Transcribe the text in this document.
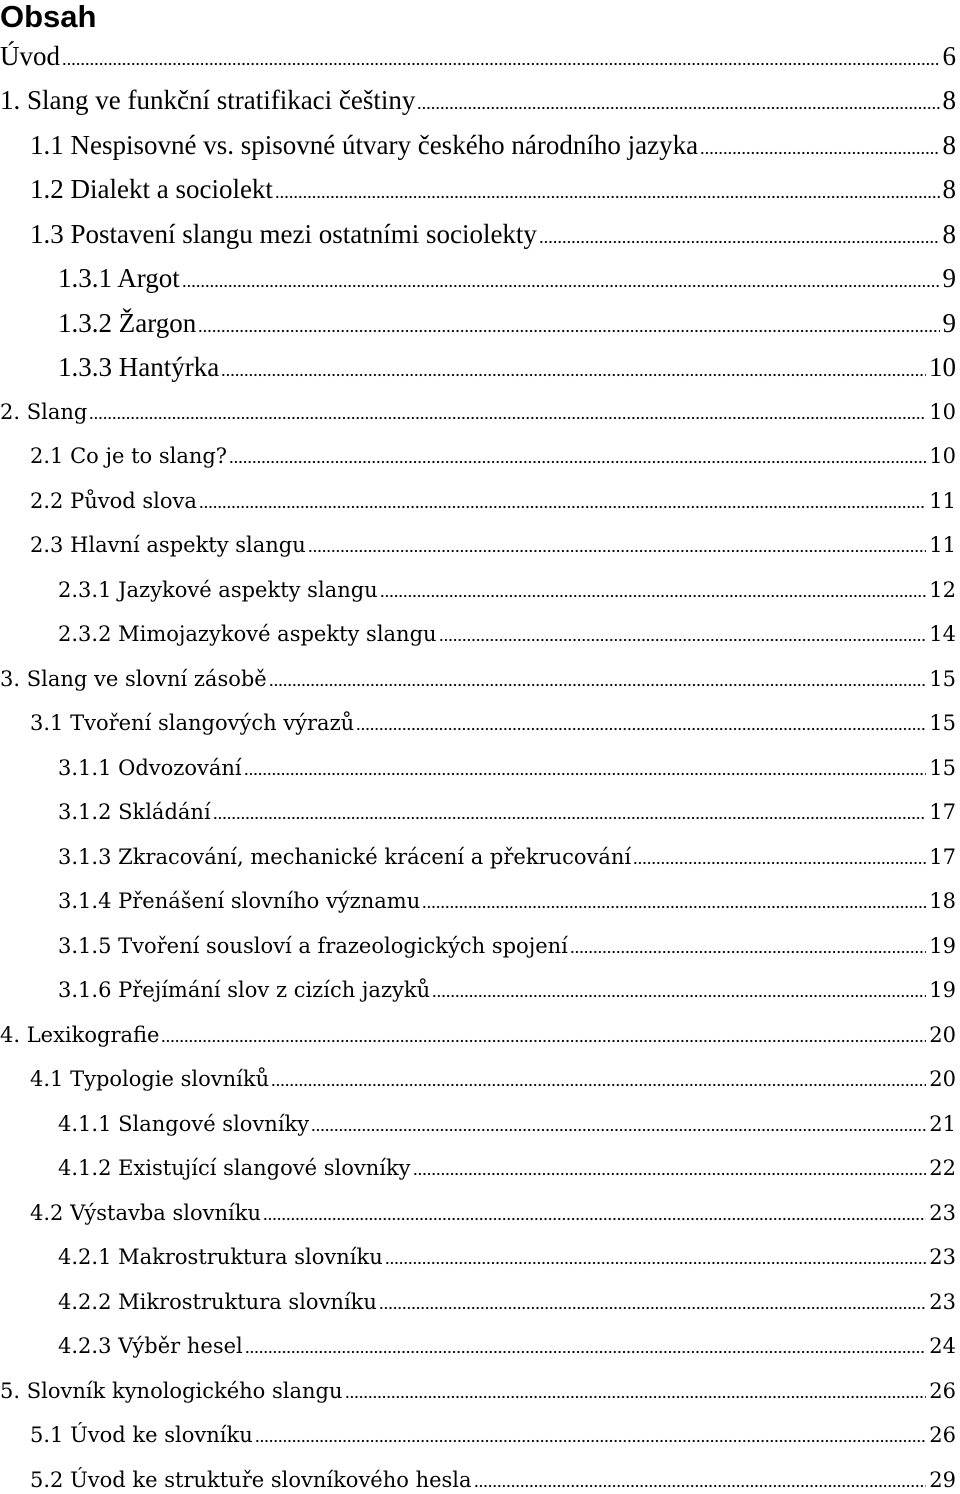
Obsah
Úvod	6
1. Slang ve funkční stratifikaci češtiny	8
1.1 Nespisovné vs. spisovné útvary českého národního jazyka	8
1.2 Dialekt a sociolekt	8
1.3 Postavení slangu mezi ostatními sociolekty	8
1.3.1 Argot	9
1.3.2 Žargon	9
1.3.3 Hantýrka	10
2. Slang	10
2.1 Co je to slang?	10
2.2 Původ slova	11
2.3 Hlavní aspekty slangu	11
2.3.1 Jazykové aspekty slangu	12
2.3.2 Mimojazykové aspekty slangu	14
3. Slang ve slovní zásobě	15
3.1 Tvoření slangových výrazů	15
3.1.1 Odvozování	15
3.1.2 Skládání	17
3.1.3 Zkracování, mechanické krácení a překrucování	17
3.1.4 Přenášení slovního významu	18
3.1.5 Tvoření sousloví a frazeologických spojení	19
3.1.6 Přejímání slov z cizích jazyků	19
4. Lexikografie	20
4.1 Typologie slovníků	20
4.1.1 Slangové slovníky	21
4.1.2 Existující slangové slovníky	22
4.2 Výstavba slovníku	23
4.2.1 Makrostruktura slovníku	23
4.2.2 Mikrostruktura slovníku	23
4.2.3 Výběr hesel	24
5. Slovník kynologického slangu	26
5.1 Úvod ke slovníku	26
5.2 Úvod ke struktuře slovníkového hesla	29
